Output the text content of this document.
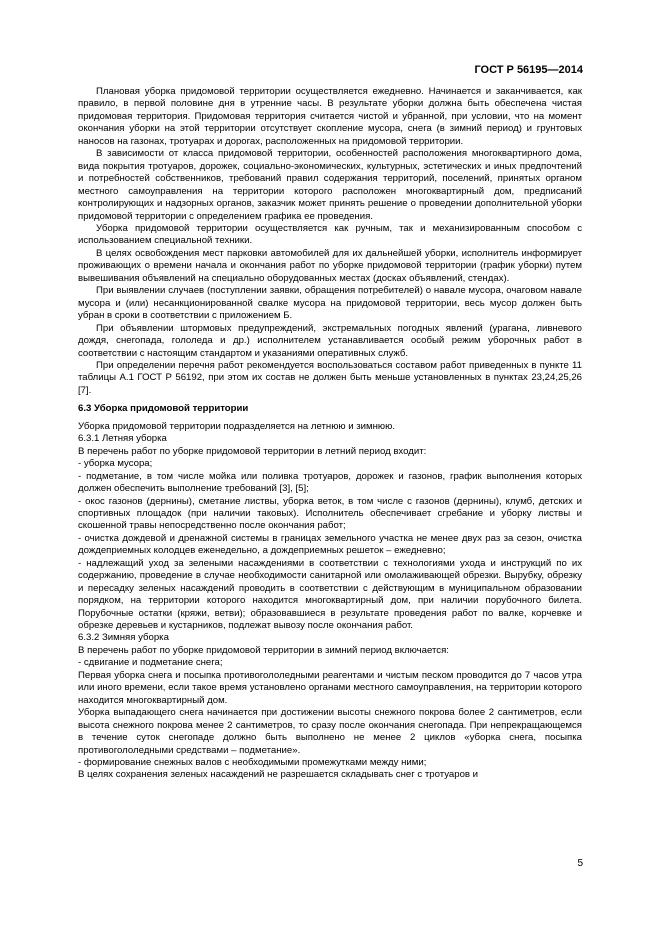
ГОСТ Р 56195—2014

Плановая уборка придомовой территории осуществляется ежедневно. Начинается и заканчивается, как правило, в первой половине дня в утренние часы. В результате уборки должна быть обеспечена чистая придомовая территория. Придомовая территория считается чистой и убранной, при условии, что на момент окончания уборки на этой территории отсутствует скопление мусора, снега (в зимний период) и грунтовых наносов на газонах, тротуарах и дорогах, расположенных на придомовой территории.

В зависимости от класса придомовой территории, особенностей расположения многоквартирного дома, вида покрытия тротуаров, дорожек, социально-экономических, культурных, эстетических и иных предпочтений и потребностей собственников, требований правил содержания территорий, поселений, принятых органом местного самоуправления на территории которого расположен многоквартирный дом, предписаний контролирующих и надзорных органов, заказчик может принять решение о проведении дополнительной уборки придомовой территории с определением графика ее проведения.

Уборка придомовой территории осуществляется как ручным, так и механизированным способом с использованием специальной техники.

В целях освобождения мест парковки автомобилей для их дальнейшей уборки, исполнитель информирует проживающих о времени начала и окончания работ по уборке придомовой территории (график уборки) путем вывешивания объявлений на специально оборудованных местах (досках объявлений, стендах).

При выявлении случаев (поступлении заявки, обращения потребителей) о навале мусора, очаговом навале мусора и (или) несанкционированной свалке мусора на придомовой территории, весь мусор должен быть убран в сроки в соответствии с приложением Б.

При объявлении штормовых предупреждений, экстремальных погодных явлений (урагана, ливневого дождя, снегопада, гололеда и др.) исполнителем устанавливается особый режим уборочных работ в соответствии с настоящим стандартом и указаниями оперативных служб.

При определении перечня работ рекомендуется воспользоваться составом работ приведенных в пункте 11 таблицы А.1 ГОСТ Р 56192, при этом их состав не должен быть меньше установленных в пунктах 23,24,25,26 [7].

6.3 Уборка придомовой территории

Уборка придомовой территории подразделяется на летнюю и зимнюю.

6.3.1 Летняя уборка

В перечень работ по уборке придомовой территории в летний период входит:

- уборка мусора;

- подметание, в том числе мойка или поливка тротуаров, дорожек и газонов, график выполнения которых должен обеспечить выполнение требований [3], [5];

- окос газонов (дернины), сметание листвы, уборка веток, в том числе с газонов (дернины), клумб, детских и спортивных площадок (при наличии таковых). Исполнитель обеспечивает сгребание и уборку листвы и скошенной травы непосредственно после окончания работ;

- очистка дождевой и дренажной системы в границах земельного участка не менее двух раз за сезон, очистка дождеприемных колодцев еженедельно, а дождеприемных решеток – ежедневно;

- надлежащий уход за зелеными насаждениями в соответствии с технологиями ухода и инструкций по их содержанию, проведение в случае необходимости санитарной или омолаживающей обрезки. Вырубку, обрезку и пересадку зеленых насаждений проводить в соответствии с действующим в муниципальном образовании порядком, на территории которого находится многоквартирный дом, при наличии порубочного билета. Порубочные остатки (кряжи, ветви); образовавшиеся в результате проведения работ по валке, корчевке и обрезке деревьев и кустарников, подлежат вывозу после окончания работ.

6.3.2 Зимняя уборка

В перечень работ по уборке придомовой территории в зимний период включается:

- сдвигание и подметание снега;

Первая уборка снега и посыпка противогололедными реагентами и чистым песком проводится до 7 часов утра или иного времени, если такое время установлено органами местного самоуправления, на территории которого находится многоквартирный дом.

Уборка выпадающего снега начинается при достижении высоты снежного покрова более 2 сантиметров, если высота снежного покрова менее 2 сантиметров, то сразу после окончания снегопада. При непрекращающемся в течение суток снегопаде должно быть выполнено не менее 2 циклов «уборка снега, посыпка противогололедными средствами – подметание».

- формирование снежных валов с необходимыми промежутками между ними;

В целях сохранения зеленых насаждений не разрешается складывать снег с тротуаров и

5
